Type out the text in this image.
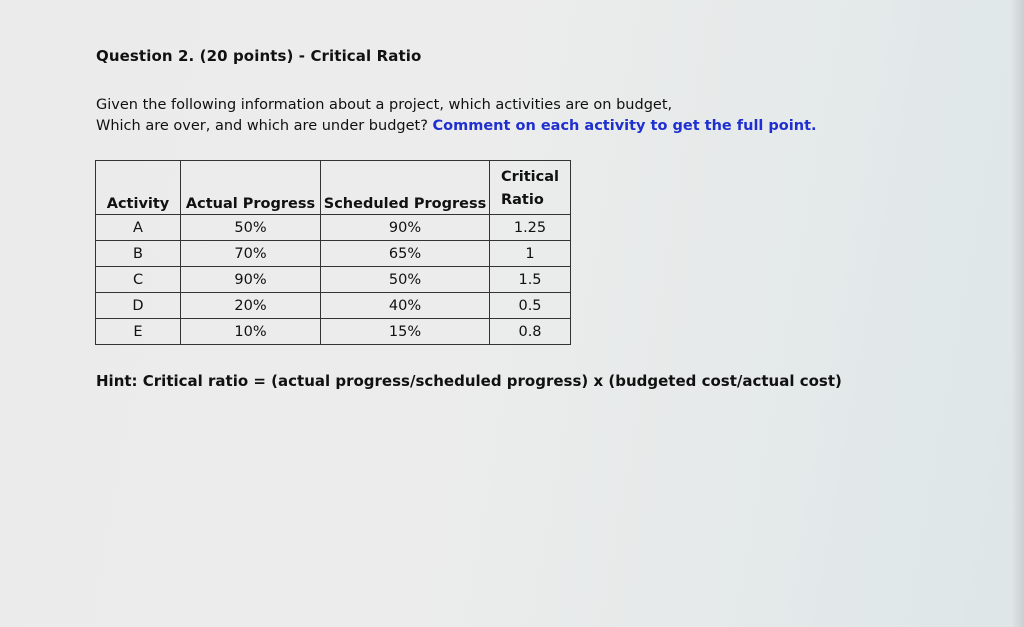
Question 2. (20 points) - Critical Ratio
Given the following information about a project, which activities are on budget,
Which are over, and which are under budget? Comment on each activity to get the full point.
Activity	Actual Progress	Scheduled Progress	Critical
Ratio
A	50%	90%	1.25
B	70%	65%	1
C	90%	50%	1.5
D	20%	40%	0.5
E	10%	15%	0.8
Hint: Critical ratio = (actual progress/scheduled progress) x (budgeted cost/actual cost)
